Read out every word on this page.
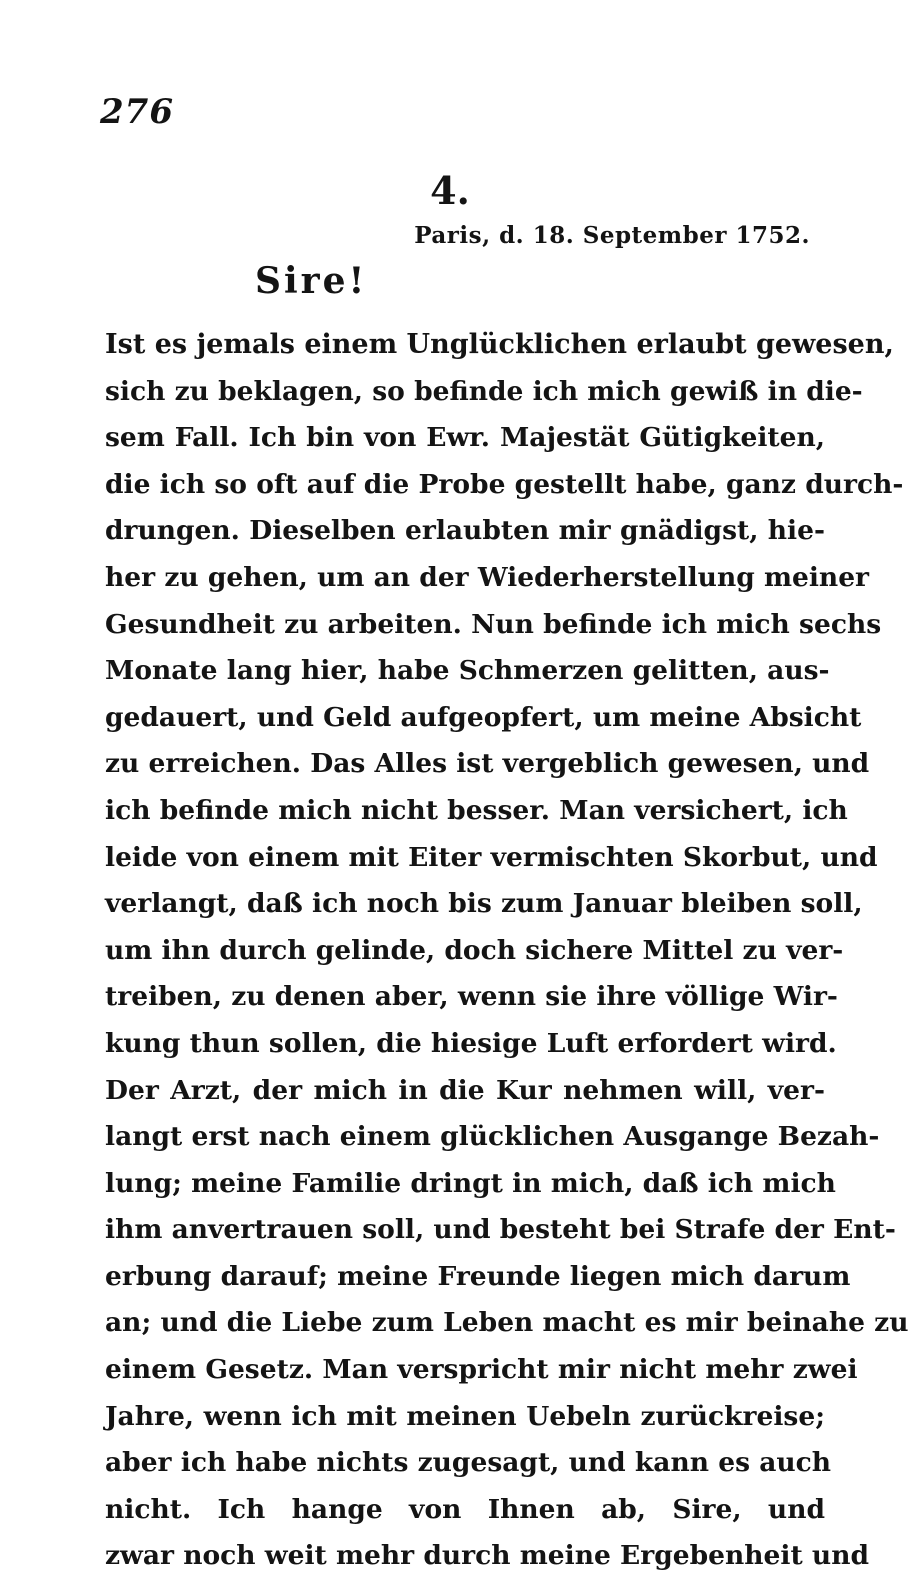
276
4.
Paris, d. 18. September 1752.
Sire!
Ist es jemals einem Unglücklichen erlaubt gewesen,
sich zu beklagen, so befinde ich mich gewiß in die-
sem Fall. Ich bin von Ewr. Majestät Gütigkeiten,
die ich so oft auf die Probe gestellt habe, ganz durch-
drungen. Dieselben erlaubten mir gnädigst, hie-
her zu gehen, um an der Wiederherstellung meiner
Gesundheit zu arbeiten. Nun befinde ich mich sechs
Monate lang hier, habe Schmerzen gelitten, aus-
gedauert, und Geld aufgeopfert, um meine Absicht
zu erreichen. Das Alles ist vergeblich gewesen, und
ich befinde mich nicht besser. Man versichert, ich
leide von einem mit Eiter vermischten Skorbut, und
verlangt, daß ich noch bis zum Januar bleiben soll,
um ihn durch gelinde, doch sichere Mittel zu ver-
treiben, zu denen aber, wenn sie ihre völlige Wir-
kung thun sollen, die hiesige Luft erfordert wird.
Der Arzt, der mich in die Kur nehmen will, ver-
langt erst nach einem glücklichen Ausgange Bezah-
lung; meine Familie dringt in mich, daß ich mich
ihm anvertrauen soll, und besteht bei Strafe der Ent-
erbung darauf; meine Freunde liegen mich darum
an; und die Liebe zum Leben macht es mir beinahe zu
einem Gesetz. Man verspricht mir nicht mehr zwei
Jahre, wenn ich mit meinen Uebeln zurückreise;
aber ich habe nichts zugesagt, und kann es auch
nicht. Ich hange von Ihnen ab, Sire, und
zwar noch weit mehr durch meine Ergebenheit und
